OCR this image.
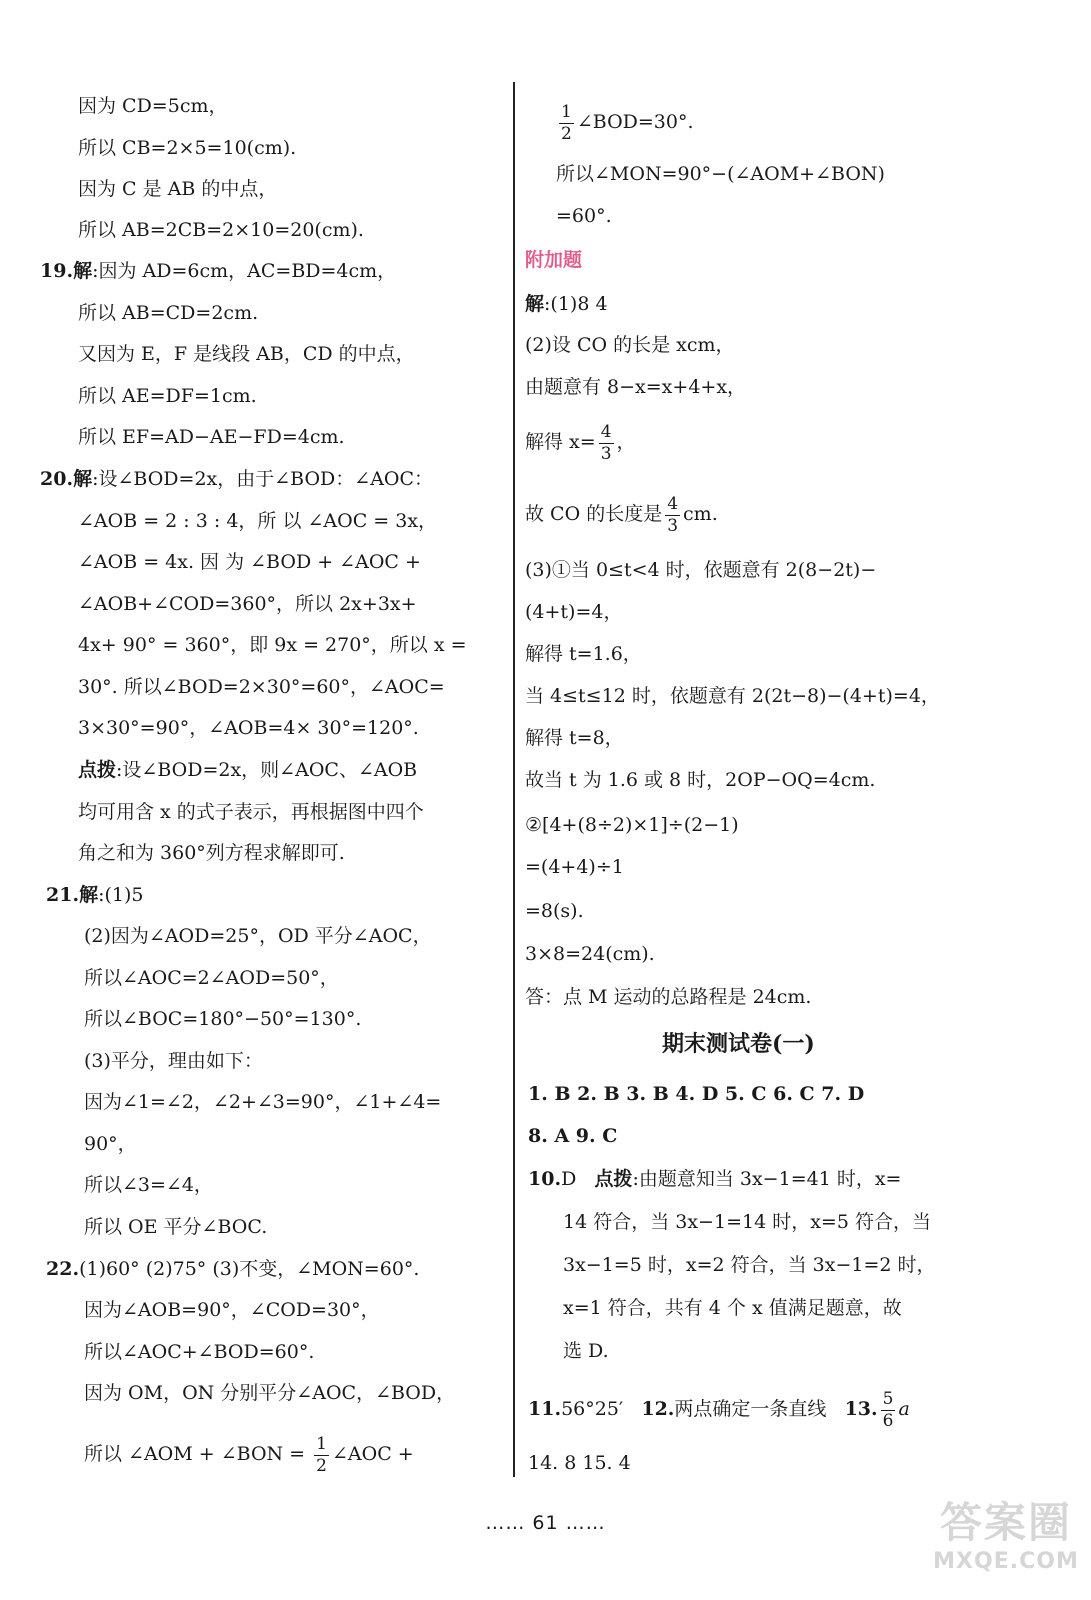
因为 CD=5cm，
所以 CB=2×5=10(cm).
因为 C 是 AB 的中点，
所以 AB=2CB=2×10=20(cm).
19.解:因为 AD=6cm，AC=BD=4cm，
所以 AB=CD=2cm.
又因为 E，F 是线段 AB，CD 的中点，
所以 AE=DF=1cm.
所以 EF=AD−AE−FD=4cm.
20.解:设∠BOD=2x，由于∠BOD：∠AOC：
∠AOB = 2 : 3 : 4，所 以 ∠AOC = 3x，
∠AOB = 4x. 因 为 ∠BOD + ∠AOC +
∠AOB+∠COD=360°，所以 2x+3x+
4x+ 90° = 360°，即 9x = 270°，所以 x =
30°. 所以∠BOD=2×30°=60°，∠AOC=
3×30°=90°，∠AOB=4× 30°=120°.
点拨:设∠BOD=2x，则∠AOC、∠AOB
均可用含 x 的式子表示，再根据图中四个
角之和为 360°列方程求解即可.
21.解:(1)5
(2)因为∠AOD=25°，OD 平分∠AOC，
所以∠AOC=2∠AOD=50°，
所以∠BOC=180°−50°=130°.
(3)平分，理由如下：
因为∠1=∠2，∠2+∠3=90°，∠1+∠4=
90°，
所以∠3=∠4，
所以 OE 平分∠BOC.
22.(1)60° (2)75° (3)不变，∠MON=60°.
因为∠AOB=90°，∠COD=30°，
所以∠AOC+∠BOD=60°.
因为 OM，ON 分别平分∠AOC，∠BOD，
所以∠MON=90°−(∠AOM+∠BON)
=60°.
附加题
解:(1)8 4
(2)设 CO 的长是 xcm，
由题意有 8−x=x+4+x，
(3)①当 0≤t<4 时，依题意有 2(8−2t)−
(4+t)=4，
解得 t=1.6，
当 4≤t≤12 时，依题意有 2(2t−8)−(4+t)=4，
解得 t=8，
故当 t 为 1.6 或 8 时，2OP−OQ=4cm.
②[4+(8÷2)×1]÷(2−1)
=(4+4)÷1
=8(s).
3×8=24(cm).
答：点 M 运动的总路程是 24cm.
8. A 9. C
14 符合，当 3x−1=14 时，x=5 符合，当
3x−1=5 时，x=2 符合，当 3x−1=2 时，
x=1 符合，共有 4 个 x 值满足题意，故
选 D.
14. 8 15. 4
所以 ∠AOM + ∠BON = $\frac{1}{2}$ ∠AOC +
$\frac{1}{2}$ ∠BOD=30°.
解得 $x= \frac{4}{3}$ ，
故 CO 的长度是 $\frac{4}{3}$ cm.
期末测试卷(一)
1. B 2. B 3. B 4. D 5. C 6. C 7. D
10.D 点拨:由题意知当 3x−1=41 时，x=
11.56°25′ 12.两点确定一条直线 13. $\frac{5}{6}$ a
…… 61 ……	答案圈
MXQE.COM
